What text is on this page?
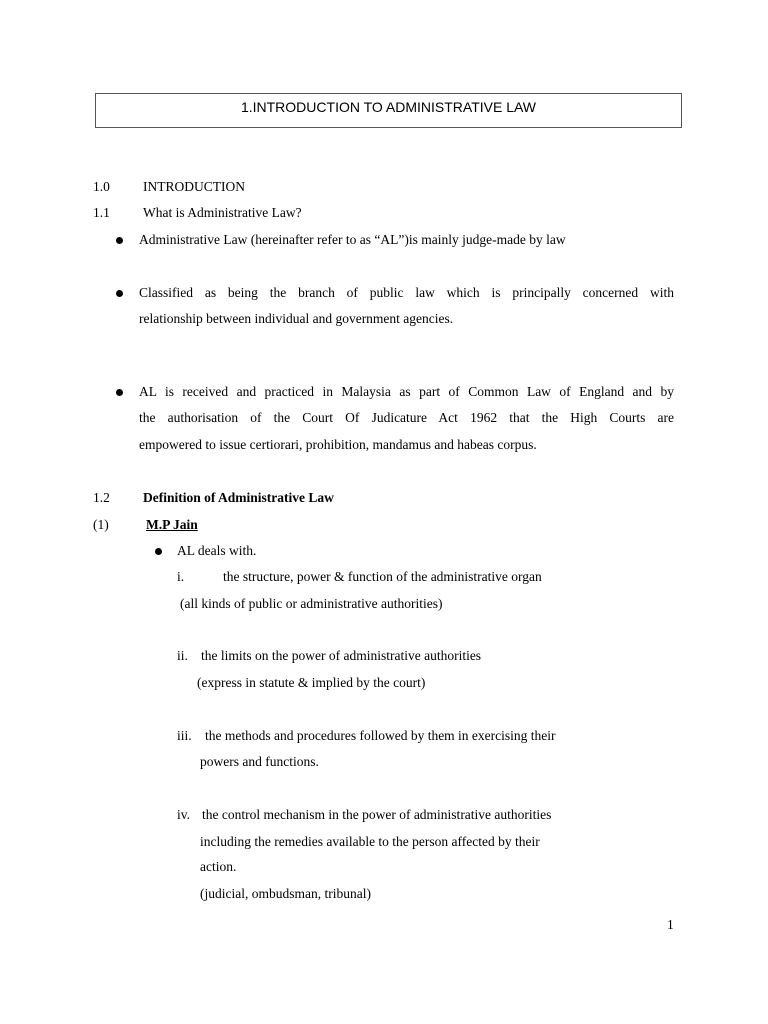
1.INTRODUCTION TO ADMINISTRATIVE LAW
1.0 INTRODUCTION
1.1 What is Administrative Law?
Administrative Law (hereinafter refer to as “AL”)is mainly judge-made by law
Classified as being the branch of public law which is principally concerned with
relationship between individual and government agencies.
AL is received and practiced in Malaysia as part of Common Law of England and by
the authorisation of the Court Of Judicature Act 1962 that the High Courts are
empowered to issue certiorari, prohibition, mandamus and habeas corpus.
1.2 Definition of Administrative Law
(1)	M.P Jain
AL deals with.
i.	the structure, power & function of the administrative organ
(all kinds of public or administrative authorities)
ii. the limits on the power of administrative authorities
(express in statute & implied by the court)
iii. the methods and procedures followed by them in exercising their
powers and functions.
iv. the control mechanism in the power of administrative authorities
including the remedies available to the person affected by their
action.
(judicial, ombudsman, tribunal)
1
